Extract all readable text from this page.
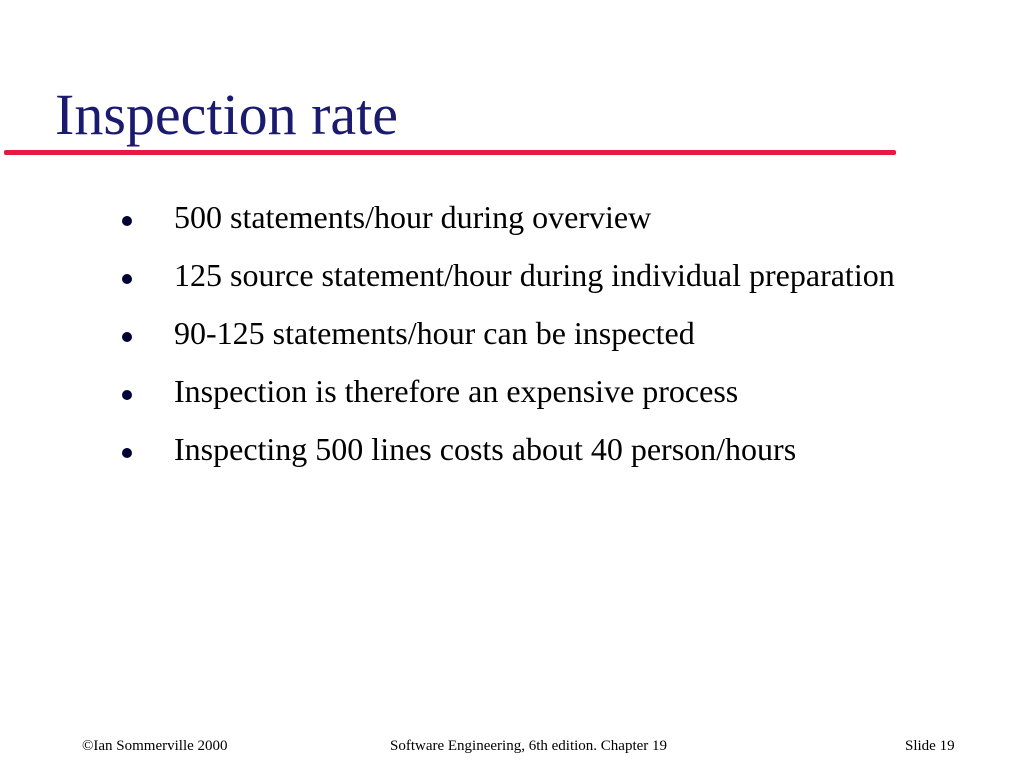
Inspection rate
500 statements/hour during overview
125 source statement/hour during individual preparation
90-125 statements/hour can be inspected
Inspection is therefore an expensive process
Inspecting 500 lines costs about 40 person/hours
©Ian Sommerville 2000	Software Engineering, 6th edition. Chapter 19	Slide 19
